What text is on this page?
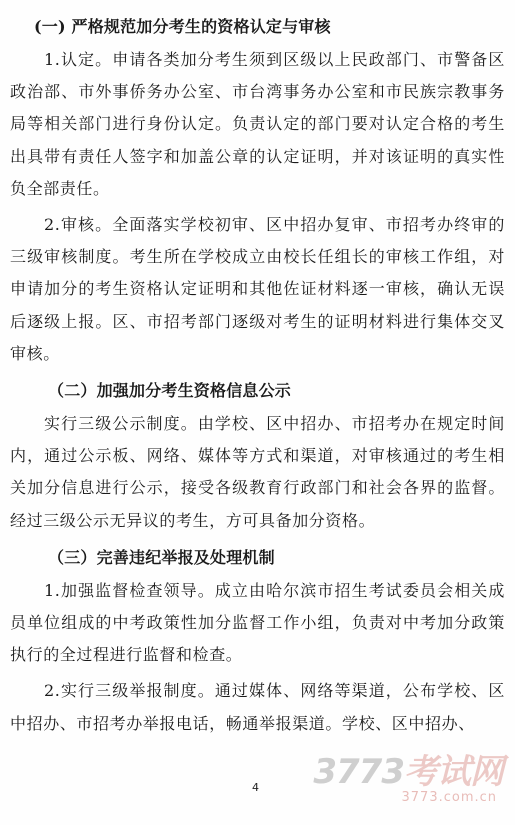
(一) 严格规范加分考生的资格认定与审核

1.认定。申请各类加分考生须到区级以上民政部门、市警备区政治部、市外事侨务办公室、市台湾事务办公室和市民族宗教事务局等相关部门进行身份认定。负责认定的部门要对认定合格的考生出具带有责任人签字和加盖公章的认定证明，并对该证明的真实性负全部责任。

2.审核。全面落实学校初审、区中招办复审、市招考办终审的三级审核制度。考生所在学校成立由校长任组长的审核工作组，对申请加分的考生资格认定证明和其他佐证材料逐一审核，确认无误后逐级上报。区、市招考部门逐级对考生的证明材料进行集体交叉审核。

（二）加强加分考生资格信息公示

实行三级公示制度。由学校、区中招办、市招考办在规定时间内，通过公示板、网络、媒体等方式和渠道，对审核通过的考生相关加分信息进行公示，接受各级教育行政部门和社会各界的监督。经过三级公示无异议的考生，方可具备加分资格。

（三）完善违纪举报及处理机制

1.加强监督检查领导。成立由哈尔滨市招生考试委员会相关成员单位组成的中考政策性加分监督工作小组，负责对中考加分政策执行的全过程进行监督和检查。

2.实行三级举报制度。通过媒体、网络等渠道，公布学校、区中招办、市招考办举报电话，畅通举报渠道。学校、区中招办、

4 3773考试网
3773.com.cn
